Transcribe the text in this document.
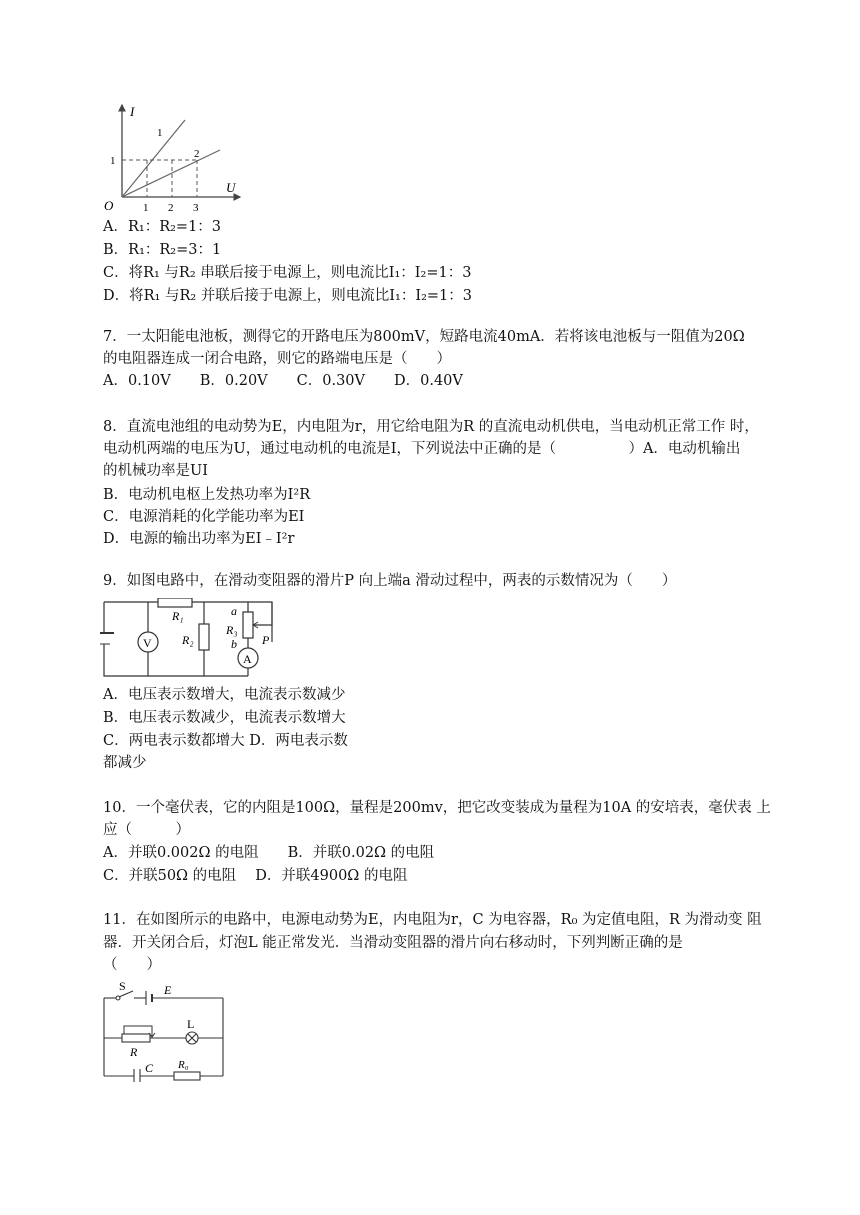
I
U
O
1
2
1
1 2 3
A．R₁：R₂=1：3
B．R₁：R₂=3：1
C．将R₁ 与R₂ 串联后接于电源上，则电流比I₁：I₂=1：3
D．将R₁ 与R₂ 并联后接于电源上，则电流比I₁：I₂=1：3
7．一太阳能电池板，测得它的开路电压为800mV，短路电流40mA．若将该电池板与一阻值为20Ω
的电阻器连成一闭合电路，则它的路端电压是（　　）
A．0.10V　　B．0.20V　　C．0.30V　　D．0.40V
8．直流电池组的电动势为E，内电阻为r，用它给电阻为R 的直流电动机供电，当电动机正常工作 时，
电动机两端的电压为U，通过电动机的电流是I，下列说法中正确的是（　　　　　）A．电动机输出
的机械功率是UI
B．电动机电枢上发热功率为I²R
C．电源消耗的化学能功率为EI
D．电源的输出功率为EI﹣I²r
9．如图电路中，在滑动变阻器的滑片P 向上端a 滑动过程中，两表的示数情况为（　　）
V
A
R₁
R₂
R₃
a
b P
A．电压表示数增大，电流表示数减少
B．电压表示数减少，电流表示数增大
C．两电表示数都增大 D．两电表示数
都减少
10．一个毫伏表，它的内阻是100Ω，量程是200mv，把它改变装成为量程为10A 的安培表，毫伏表 上
应（　　　）
A．并联0.002Ω 的电阻　　B．并联0.02Ω 的电阻
C．并联50Ω 的电阻　 D．并联4900Ω 的电阻
11．在如图所示的电路中，电源电动势为E，内电阻为r，C 为电容器，R₀ 为定值电阻，R 为滑动变 阻
器．开关闭合后，灯泡L 能正常发光．当滑动变阻器的滑片向右移动时，下列判断正确的是
（　　）
S	E
L
R
C R₀
